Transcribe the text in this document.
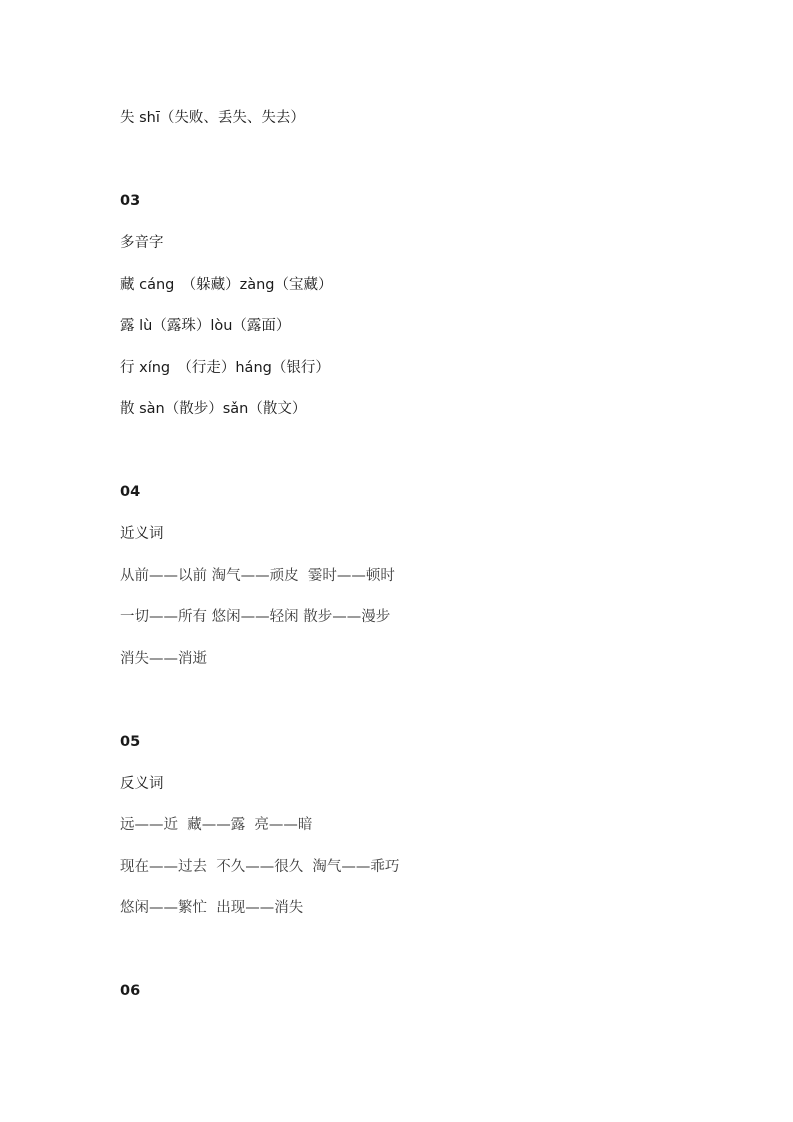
失 shī（失败、丢失、失去）
03
多音字
藏 cáng　（躲藏）zàng（宝藏）
露 lù（露珠）lòu（露面）
行 xíng　（行走）háng（银行）
散 sàn（散步）sǎn（散文）
04
近义词
从前——以前 淘气——顽皮  霎时——顿时
一切——所有 悠闲——轻闲 散步——漫步
消失——消逝
05
反义词
远——近  藏——露  亮——暗
现在——过去  不久——很久  淘气——乖巧
悠闲——繁忙  出现——消失
06
